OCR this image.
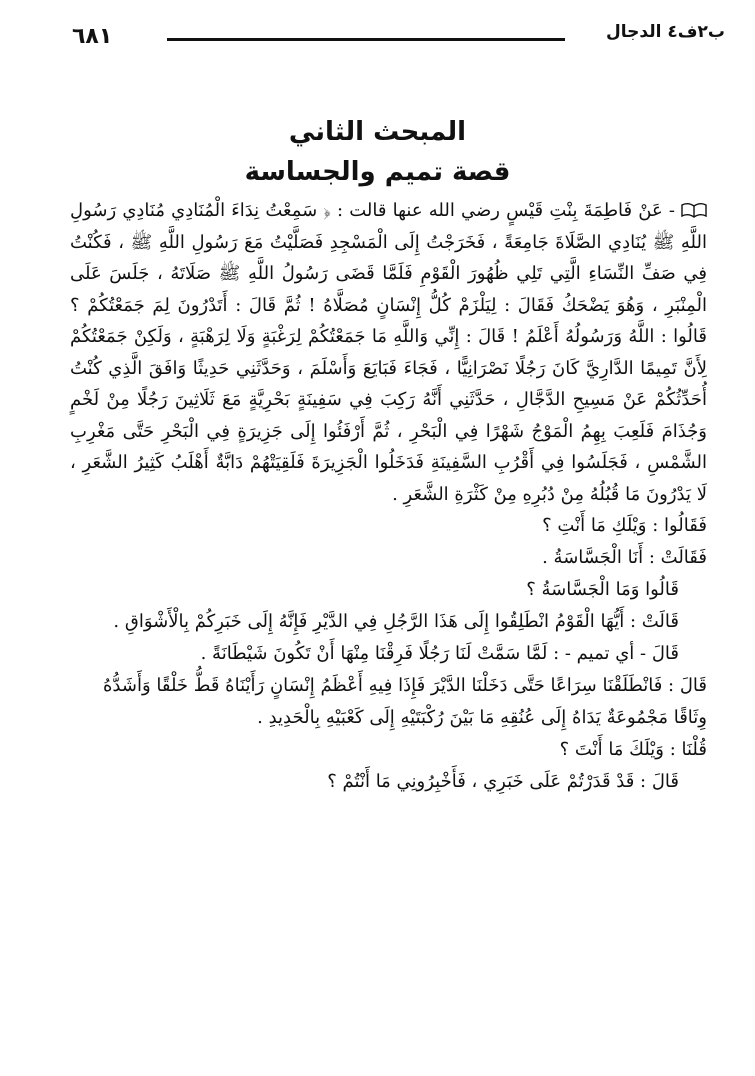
ب٢ف٤ الدجال
٦٨١
المبحث الثاني
قصة تميم والجساسة

- عَنْ فَاطِمَةَ بِنْتِ قَيْسٍ رضي الله عنها قالت : ﴿ سَمِعْتُ نِدَاءَ الْمُنَادِي مُنَادِي رَسُولِ اللَّهِ ﷺ يُنَادِي الصَّلَاةَ جَامِعَةً ، فَخَرَجْتُ إِلَى الْمَسْجِدِ فَصَلَّيْتُ مَعَ رَسُولِ اللَّهِ ﷺ ، فَكُنْتُ فِي صَفِّ النِّسَاءِ الَّتِي تَلِي ظُهُورَ الْقَوْمِ فَلَمَّا قَضَى رَسُولُ اللَّهِ ﷺ صَلَاتَهُ ، جَلَسَ عَلَى الْمِنْبَرِ ، وَهُوَ يَضْحَكُ فَقَالَ : لِيَلْزَمْ كُلُّ إِنْسَانٍ مُصَلَّاهُ ! ثُمَّ قَالَ : أَتَدْرُونَ لِمَ جَمَعْتُكُمْ ؟ قَالُوا : اللَّهُ وَرَسُولُهُ أَعْلَمُ ! قَالَ : إِنِّي وَاللَّهِ مَا جَمَعْتُكُمْ لِرَغْبَةٍ وَلَا لِرَهْبَةٍ ، وَلَكِنْ جَمَعْتُكُمْ لِأَنَّ تَمِيمًا الدَّارِيَّ كَانَ رَجُلًا نَصْرَانِيًّا ، فَجَاءَ فَبَايَعَ وَأَسْلَمَ ، وَحَدَّثَنِي حَدِيثًا وَافَقَ الَّذِي كُنْتُ أُحَدِّثُكُمْ عَنْ مَسِيحِ الدَّجَّالِ ، حَدَّثَنِي أَنَّهُ رَكِبَ فِي سَفِينَةٍ بَحْرِيَّةٍ مَعَ ثَلَاثِينَ رَجُلًا مِنْ لَخْمٍ وَجُذَامَ فَلَعِبَ بِهِمُ الْمَوْجُ شَهْرًا فِي الْبَحْرِ ، ثُمَّ أَرْفَئُوا إِلَى جَزِيرَةٍ فِي الْبَحْرِ حَتَّى مَغْرِبِ الشَّمْسِ ، فَجَلَسُوا فِي أَقْرُبِ السَّفِينَةِ فَدَخَلُوا الْجَزِيرَةَ فَلَقِيَتْهُمْ دَابَّةٌ أَهْلَبُ كَثِيرُ الشَّعَرِ ، لَا يَدْرُونَ مَا قُبُلُهُ مِنْ دُبُرِهِ مِنْ كَثْرَةِ الشَّعَرِ .

فَقَالُوا : وَيْلَكِ مَا أَنْتِ ؟

فَقَالَتْ : أَنَا الْجَسَّاسَةُ .

قَالُوا وَمَا الْجَسَّاسَةُ ؟

قَالَتْ : أَيُّهَا الْقَوْمُ انْطَلِقُوا إِلَى هَذَا الرَّجُلِ فِي الدَّيْرِ فَإِنَّهُ إِلَى خَبَرِكُمْ بِالْأَشْوَاقِ .

قَالَ - أي تميم - : لَمَّا سَمَّتْ لَنَا رَجُلًا فَرِقْنَا مِنْهَا أَنْ تَكُونَ شَيْطَانَةً .

قَالَ : فَانْطَلَقْنَا سِرَاعًا حَتَّى دَخَلْنَا الدَّيْرَ فَإِذَا فِيهِ أَعْظَمُ إِنْسَانٍ رَأَيْنَاهُ قَطُّ خَلْقًا وَأَشَدُّهُ وِثَاقًا مَجْمُوعَةٌ يَدَاهُ إِلَى عُنُقِهِ مَا بَيْنَ رُكْبَتَيْهِ إِلَى كَعْبَيْهِ بِالْحَدِيدِ .

قُلْنَا : وَيْلَكَ مَا أَنْتَ ؟

قَالَ : قَدْ قَدَرْتُمْ عَلَى خَبَرِي ، فَأَخْبِرُونِي مَا أَنْتُمْ ؟
